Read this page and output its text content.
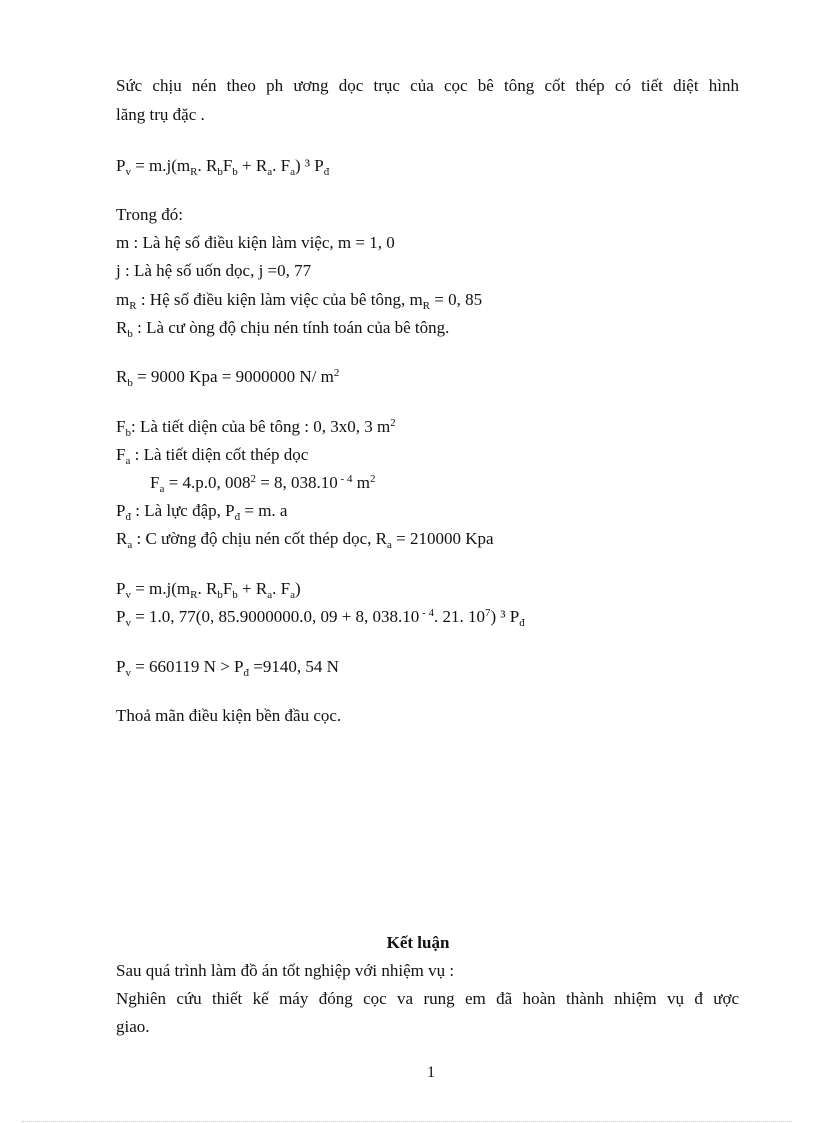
Sức chịu nén theo ph ương dọc trục của cọc bê tông cốt thép có tiết diệt hình
lăng trụ đặc .
$P_v = m.j(m_R$. $R_bF_b + R_a$. $F_a$) ³ $P_đ$
Trong đó:
m : Là hệ số điều kiện làm việc, m = 1, 0
j : Là hệ số uốn dọc, j =0, 77
$m_R$ : Hệ số điều kiện làm việc của bê tông, $m_R = 0$, 85
$R_b$ : Là cư òng độ chịu nén tính toán của bê tông.
$R_b = 9000$ Kpa = 9000000 N/ $m^2$
$F_b$: Là tiết diện của bê tông : 0, 3x0, 3 $m^2$
$F_a$ : Là tiết diện cốt thép dọc
$F_a = 4.p.0$, $008^2 = 8$, 038.10 $^{- 4}$ $m^2$
$P_đ$ : Là lực đập, $P_đ = m$. a
$R_a$ : C ường độ chịu nén cốt thép dọc, $R_a = 210000$ Kpa
$P_v = m.j(m_R$. $R_bF_b + R_a$. $F_a$)
$P_v = 1.0$, 77(0, 85.9000000.0, 09 + 8, 038.10 $^{- 4}$. 21. $10^7$) ³ $P_đ$
$P_v = 660119$ $N > P_đ =9140$, 54 N
Thoả mãn điều kiện bền đầu cọc.
Kết luận
Sau quá trình làm đồ án tốt nghiệp với nhiệm vụ :
Nghiên cứu thiết kế máy đóng cọc va rung em đã hoàn thành nhiệm vụ đ ược
giao.
1
